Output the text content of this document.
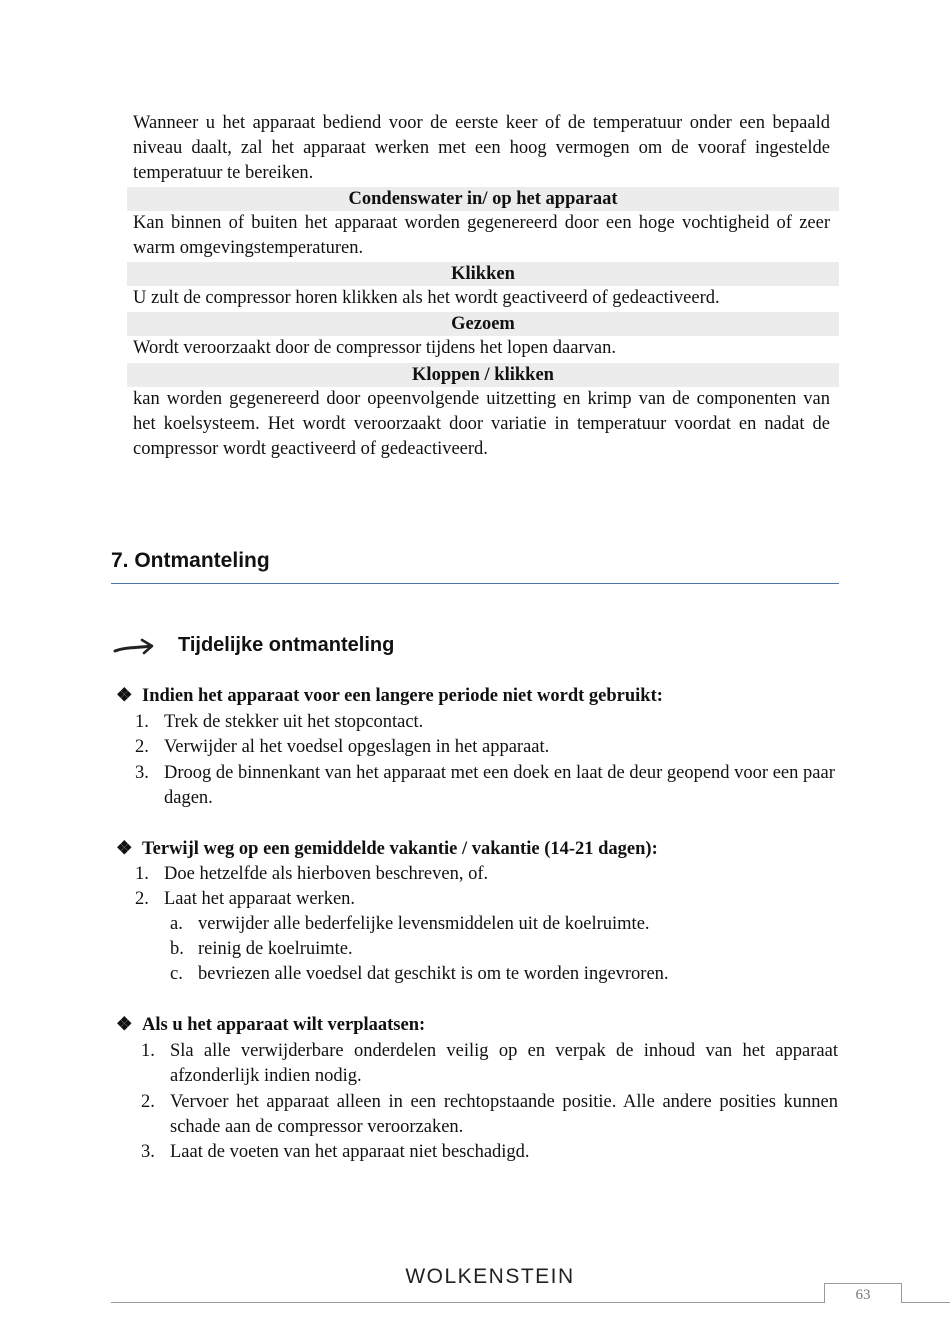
Wanneer u het apparaat bediend voor de eerste keer of de temperatuur onder een bepaald niveau daalt, zal het apparaat werken met een hoog vermogen om de vooraf ingestelde temperatuur te bereiken.
Condenswater in/ op het apparaat
Kan binnen of buiten het apparaat worden gegenereerd door een hoge vochtigheid of zeer warm omgevingstemperaturen.
Klikken
U zult de compressor horen klikken als het wordt geactiveerd of gedeactiveerd.
Gezoem
Wordt veroorzaakt door de compressor tijdens het lopen daarvan.
Kloppen / klikken
kan worden gegenereerd door opeenvolgende uitzetting en krimp van de componenten van het koelsysteem. Het wordt veroorzaakt door variatie in temperatuur voordat en nadat de compressor wordt geactiveerd of gedeactiveerd.
7. Ontmanteling
Tijdelijke ontmanteling
❖ Indien het apparaat voor een langere periode niet wordt gebruikt:
1. Trek de stekker uit het stopcontact.
2. Verwijder al het voedsel opgeslagen in het apparaat.
3. Droog de binnenkant van het apparaat met een doek en laat de deur geopend voor een paar dagen.
❖ Terwijl weg op een gemiddelde vakantie / vakantie (14-21 dagen):
1. Doe hetzelfde als hierboven beschreven, of.
2. Laat het apparaat werken.
a. verwijder alle bederfelijke levensmiddelen uit de koelruimte.
b. reinig de koelruimte.
c. bevriezen alle voedsel dat geschikt is om te worden ingevroren.
❖ Als u het apparaat wilt verplaatsen:
1. Sla alle verwijderbare onderdelen veilig op en verpak de inhoud van het apparaat afzonderlijk indien nodig.
2. Vervoer het apparaat alleen in een rechtopstaande positie. Alle andere posities kunnen schade aan de compressor veroorzaken.
3. Laat de voeten van het apparaat niet beschadigd.
WOLKENSTEIN
63
